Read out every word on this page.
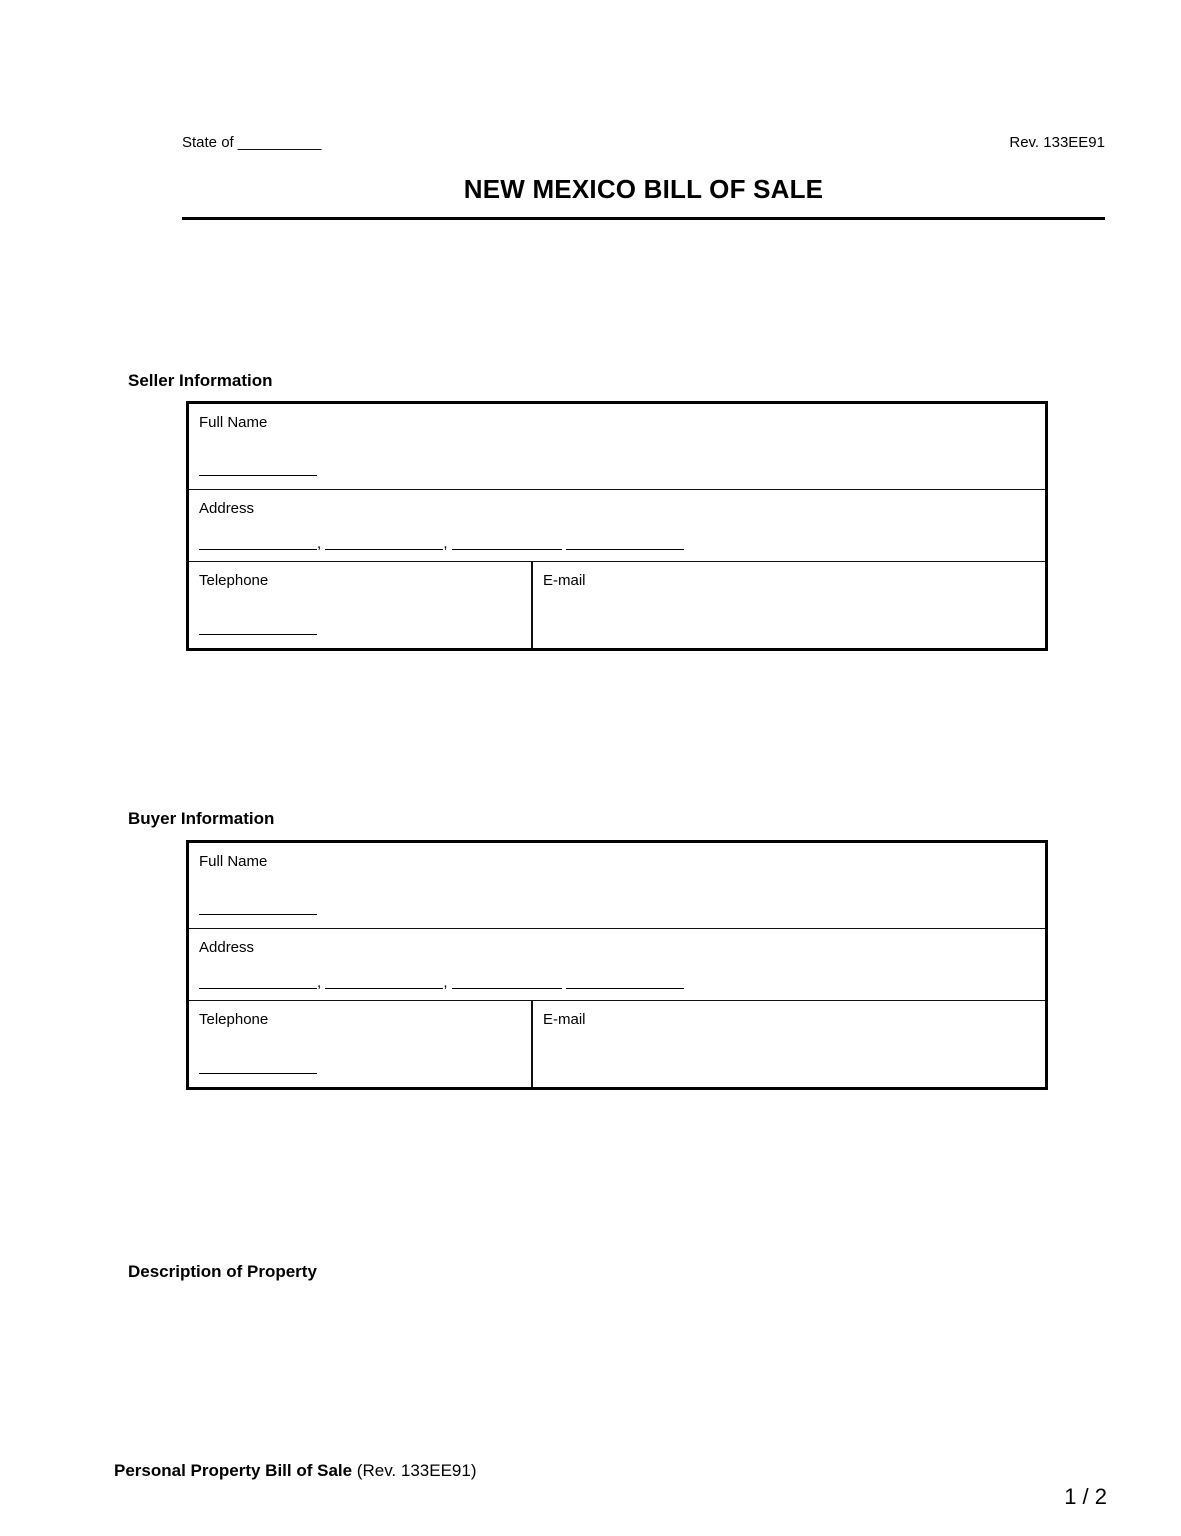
State of __________	Rev. 133EE91
NEW MEXICO BILL OF SALE
Seller Information
Full Name
Address
,	,
Telephone	E-mail
Buyer Information
Full Name
Address
,	,
Telephone	E-mail
Description of Property
Personal Property Bill of Sale (Rev. 133EE91)
1 / 2
